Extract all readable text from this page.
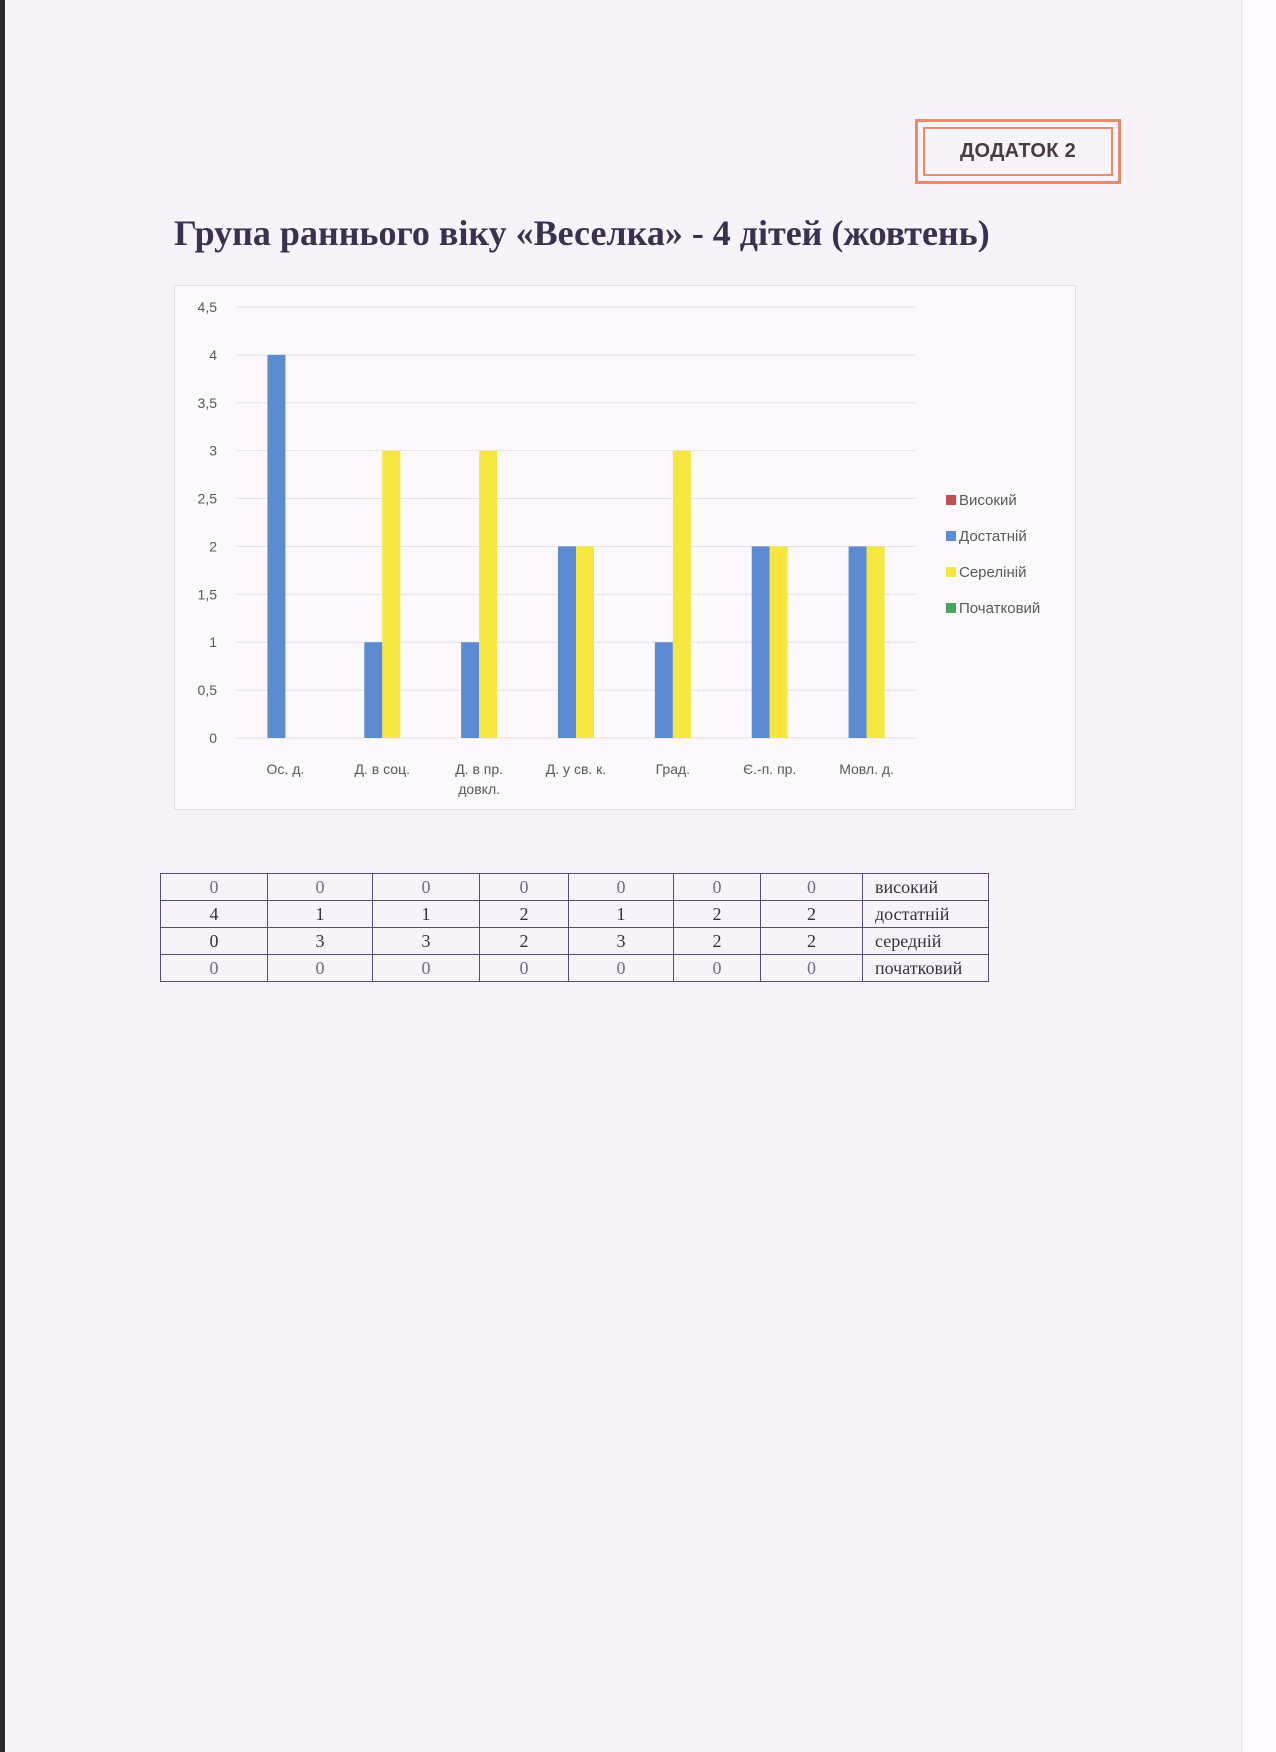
ДОДАТОК 2
Група раннього віку «Веселка» - 4 дітей (жовтень)
0
0,5
1
1,5
2
2,5
3
3,5
4
4,5
Ос. д.	Д. в соц.	Д. в пр.
довкл.
Д. у св. к.	Град.	Є.-п. пр.	Мовл. д.
Високий
Достатній
Сереліній
Початковий
0	0	0	0	0	0	0	високий
4	1	1	2	1	2	2	достатній
0	3	3	2	3	2	2	середній
0	0	0	0	0	0	0	початковий
